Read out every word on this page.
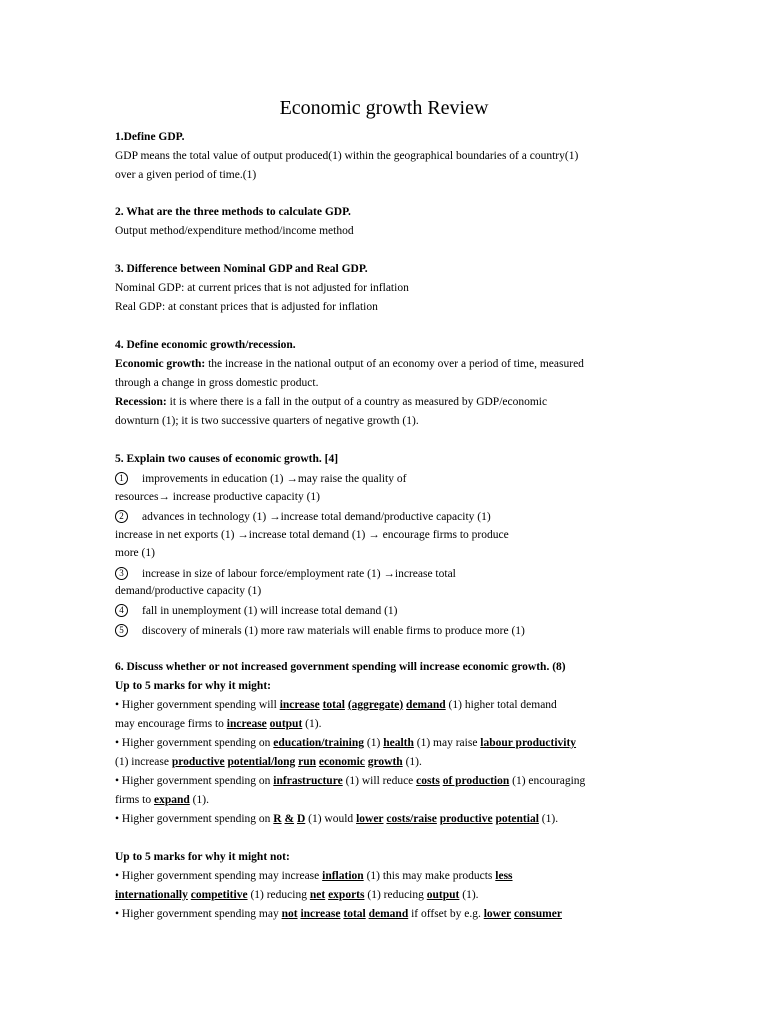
Economic growth Review
1.Define GDP.
GDP means the total value of output produced(1) within the geographical boundaries of a country(1)
over a given period of time.(1)
2. What are the three methods to calculate GDP.
Output method/expenditure method/income method
3. Difference between Nominal GDP and Real GDP.
Nominal GDP: at current prices that is not adjusted for inflation
Real GDP: at constant prices that is adjusted for inflation
4. Define economic growth/recession.
Economic growth: the increase in the national output of an economy over a period of time, measured
through a change in gross domestic product.
Recession: it is where there is a fall in the output of a country as measured by GDP/economic
downturn (1); it is two successive quarters of negative growth (1).
5. Explain two causes of economic growth. [4]
1 improvements in education (1) →may raise the quality of
resources→ increase productive capacity (1)
2 advances in technology (1) →increase total demand/productive capacity (1)
increase in net exports (1) →increase total demand (1) → encourage firms to produce
more (1)
3 increase in size of labour force/employment rate (1) →increase total
demand/productive capacity (1)
4 fall in unemployment (1) will increase total demand (1)
5 discovery of minerals (1) more raw materials will enable firms to produce more (1)
6. Discuss whether or not increased government spending will increase economic growth. (8)
Up to 5 marks for why it might:
• Higher government spending will increase total (aggregate) demand (1) higher total demand
may encourage firms to increase output (1).
• Higher government spending on education/training (1) health (1) may raise labour productivity
(1) increase productive potential/long run economic growth (1).
• Higher government spending on infrastructure (1) will reduce costs of production (1) encouraging
firms to expand (1).
• Higher government spending on R & D (1) would lower costs/raise productive potential (1).
Up to 5 marks for why it might not:
• Higher government spending may increase inflation (1) this may make products less
internationally competitive (1) reducing net exports (1) reducing output (1).
• Higher government spending may not increase total demand if offset by e.g. lower consumer
